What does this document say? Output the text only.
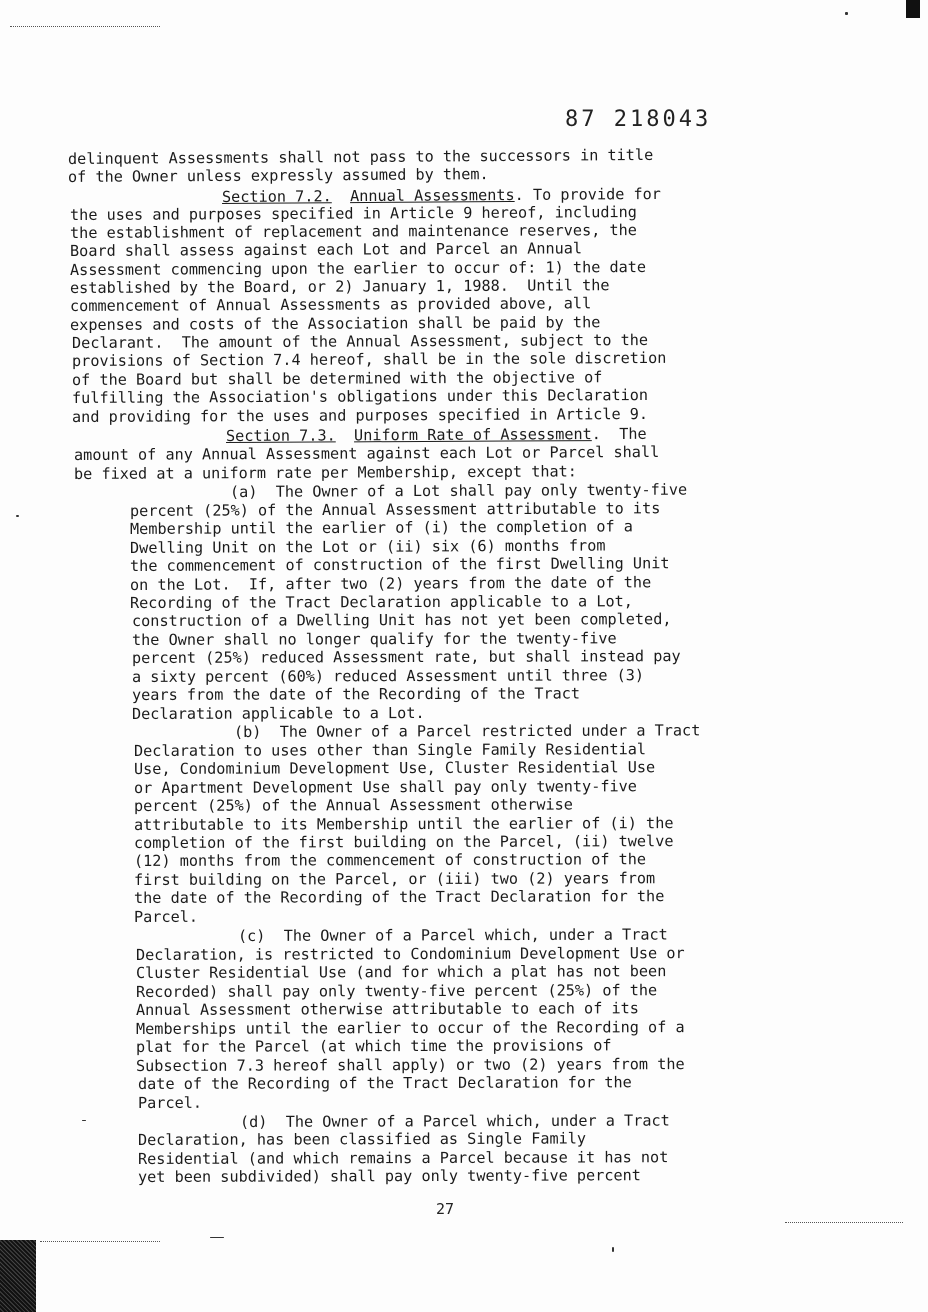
87 218043
delinquent Assessments shall not pass to the successors in title
of the Owner unless expressly assumed by them.
Section 7.2. Annual Assessments. To provide for
the uses and purposes specified in Article 9 hereof, including
the establishment of replacement and maintenance reserves, the
Board shall assess against each Lot and Parcel an Annual
Assessment commencing upon the earlier to occur of: 1) the date
established by the Board, or 2) January 1, 1988.  Until the
commencement of Annual Assessments as provided above, all
expenses and costs of the Association shall be paid by the
Declarant.  The amount of the Annual Assessment, subject to the
provisions of Section 7.4 hereof, shall be in the sole discretion
of the Board but shall be determined with the objective of
fulfilling the Association's obligations under this Declaration
and providing for the uses and purposes specified in Article 9.
Section 7.3. Uniform Rate of Assessment.  The
amount of any Annual Assessment against each Lot or Parcel shall
be fixed at a uniform rate per Membership, except that:
(a)  The Owner of a Lot shall pay only twenty-five
percent (25%) of the Annual Assessment attributable to its
Membership until the earlier of (i) the completion of a
Dwelling Unit on the Lot or (ii) six (6) months from
the commencement of construction of the first Dwelling Unit
on the Lot.  If, after two (2) years from the date of the
Recording of the Tract Declaration applicable to a Lot,
construction of a Dwelling Unit has not yet been completed,
the Owner shall no longer qualify for the twenty-five
percent (25%) reduced Assessment rate, but shall instead pay
a sixty percent (60%) reduced Assessment until three (3)
years from the date of the Recording of the Tract
Declaration applicable to a Lot.
(b)  The Owner of a Parcel restricted under a Tract
Declaration to uses other than Single Family Residential
Use, Condominium Development Use, Cluster Residential Use
or Apartment Development Use shall pay only twenty-five
percent (25%) of the Annual Assessment otherwise
attributable to its Membership until the earlier of (i) the
completion of the first building on the Parcel, (ii) twelve
(12) months from the commencement of construction of the
first building on the Parcel, or (iii) two (2) years from
the date of the Recording of the Tract Declaration for the
Parcel.
(c)  The Owner of a Parcel which, under a Tract
Declaration, is restricted to Condominium Development Use or
Cluster Residential Use (and for which a plat has not been
Recorded) shall pay only twenty-five percent (25%) of the
Annual Assessment otherwise attributable to each of its
Memberships until the earlier to occur of the Recording of a
plat for the Parcel (at which time the provisions of
Subsection 7.3 hereof shall apply) or two (2) years from the
date of the Recording of the Tract Declaration for the
Parcel.
(d)  The Owner of a Parcel which, under a Tract
Declaration, has been classified as Single Family
Residential (and which remains a Parcel because it has not
yet been subdivided) shall pay only twenty-five percent
27
